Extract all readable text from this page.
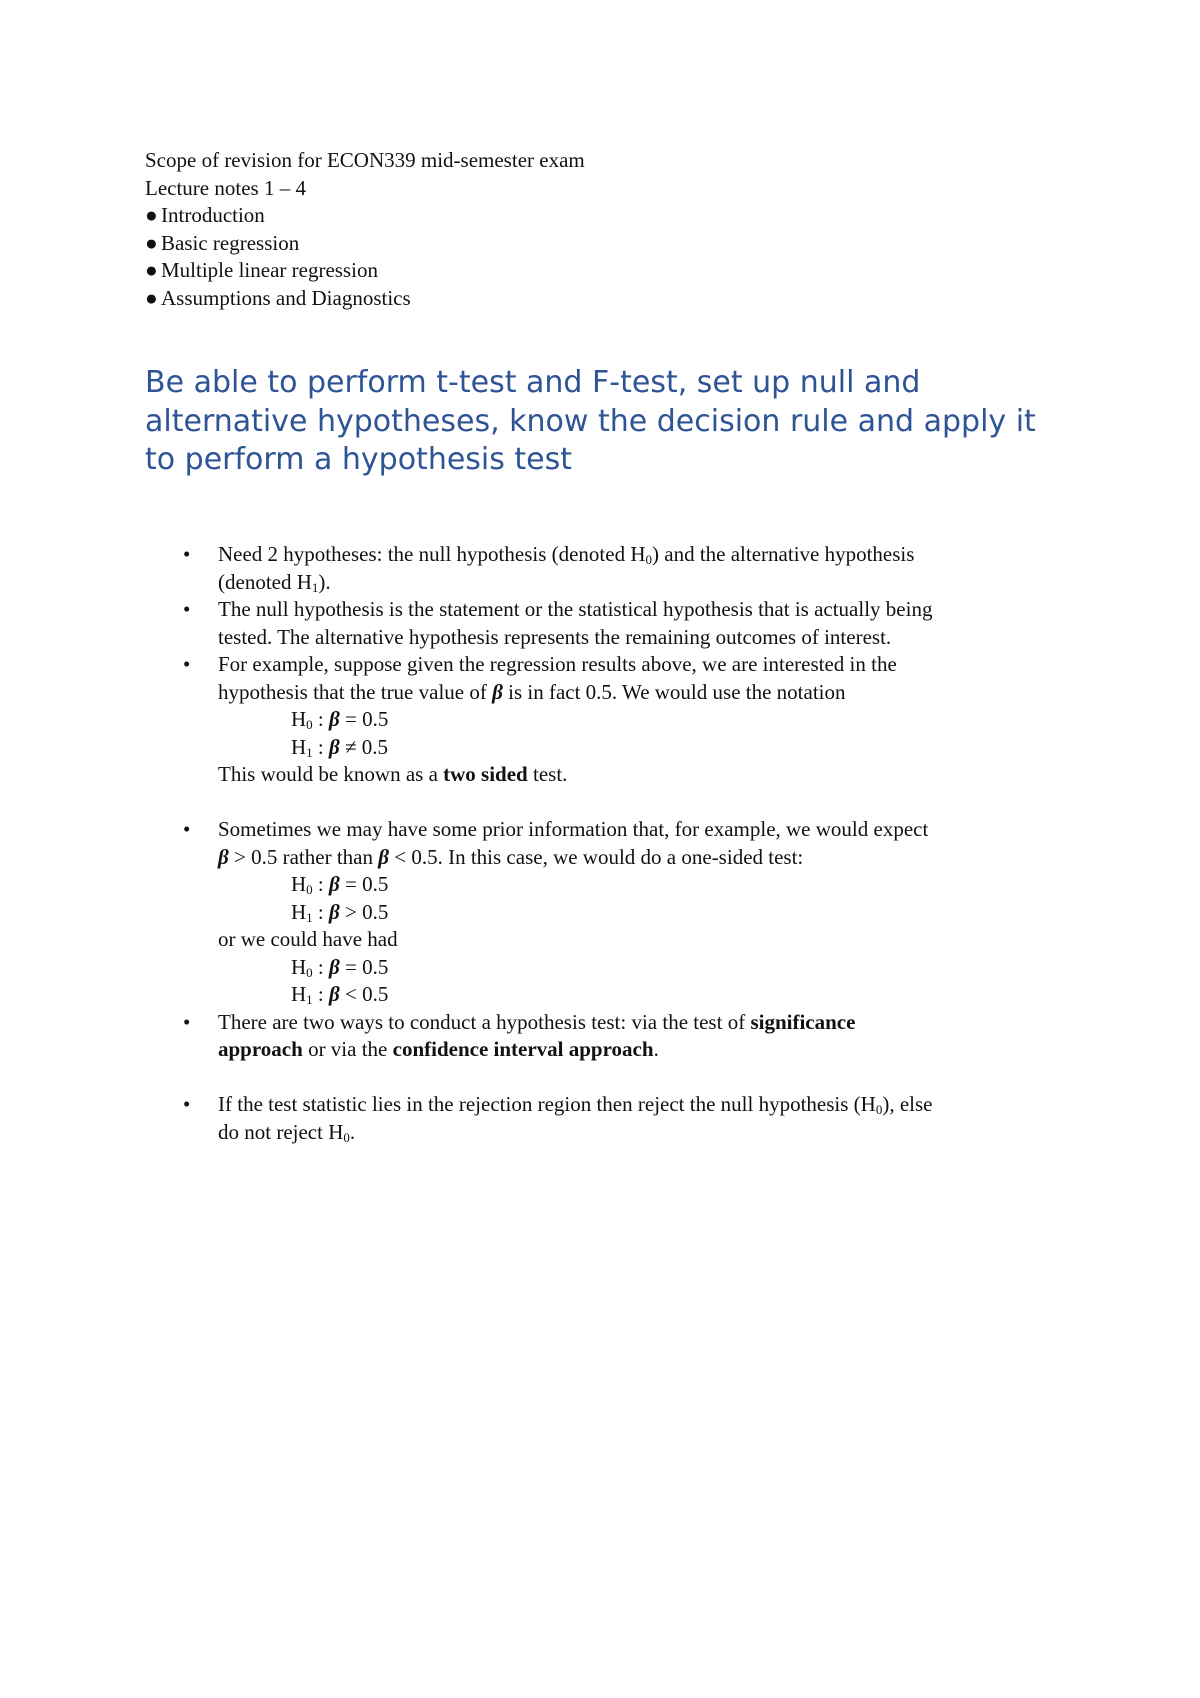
Scope of revision for ECON339 mid-semester exam

Lecture notes 1 – 4

● Introduction

● Basic regression

● Multiple linear regression

● Assumptions and Diagnostics

Be able to perform t-test and F-test, set up null and alternative hypotheses, know the decision rule and apply it to perform a hypothesis test
• Need 2 hypotheses: the null hypothesis (denoted $H_0$) and the alternative hypothesis
(denoted $H_1$).
• The null hypothesis is the statement or the statistical hypothesis that is actually being
tested. The alternative hypothesis represents the remaining outcomes of interest.
• For example, suppose given the regression results above, we are interested in the
hypothesis that the true value of β is in fact 0.5. We would use the notation
$H_0$ : β = 0.5
$H_1$ : β ≠ 0.5
This would be known as a two sided test.
• Sometimes we may have some prior information that, for example, we would expect
β > 0.5 rather than β < 0.5. In this case, we would do a one-sided test:
$H_0$ : β = 0.5
$H_1$ : β > 0.5
or we could have had
$H_0$ : β = 0.5
$H_1$ : β < 0.5
• There are two ways to conduct a hypothesis test: via the test of significance
approach or via the confidence interval approach.
• If the test statistic lies in the rejection region then reject the null hypothesis $(H_0)$, else
do not reject $H_0$.
